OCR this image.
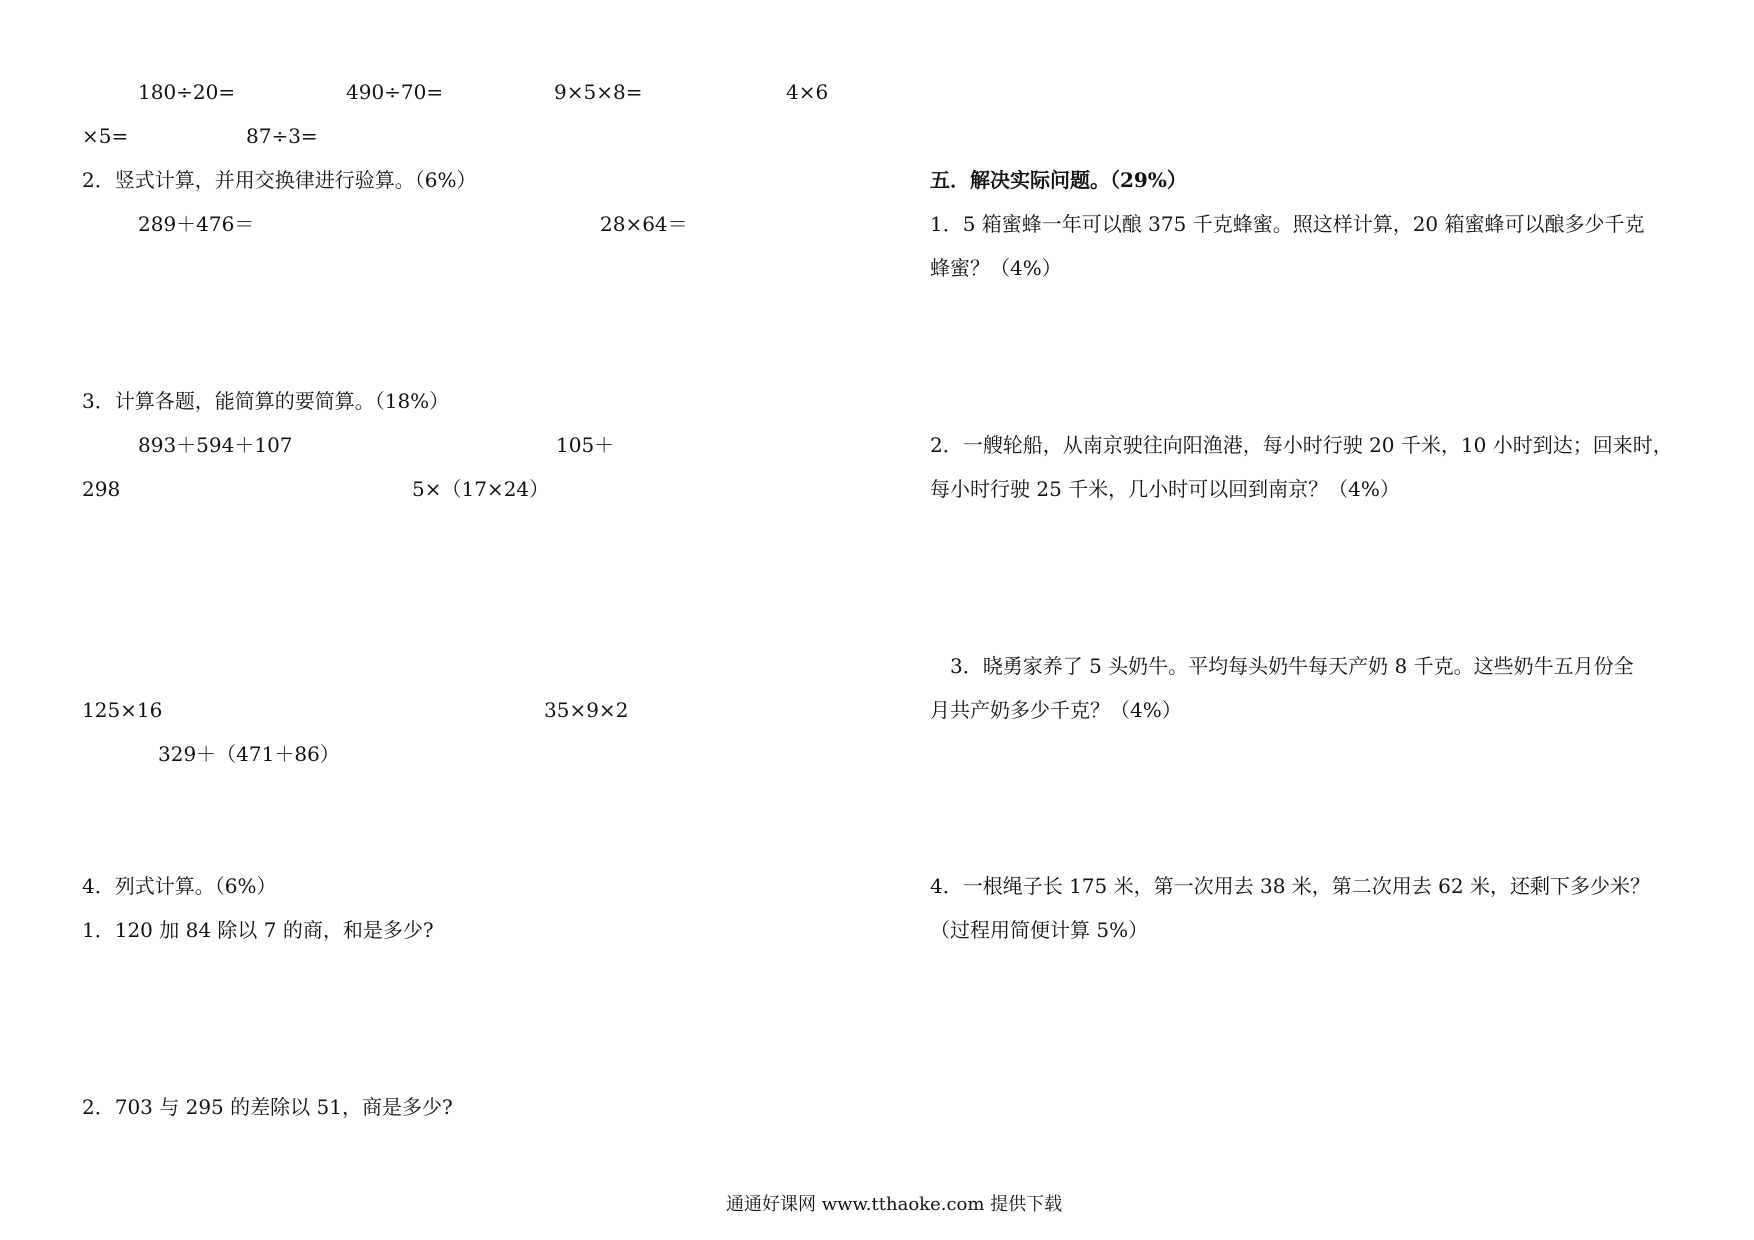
180÷20=	490÷70=	9×5×8=	4×6
×5=	87÷3=
2．竖式计算，并用交换律进行验算。（6%）
289＋476＝	28×64＝
3．计算各题，能简算的要简算。（18%）
893＋594＋107	105＋
298	5×（17×24）
125×16	35×9×2
329＋（471＋86）
4．列式计算。（6%）
1．120 加 84 除以 7 的商，和是多少?
2．703 与 295 的差除以 51，商是多少?
五．解决实际问题。（29%）
1．5 箱蜜蜂一年可以酿 375 千克蜂蜜。照这样计算，20 箱蜜蜂可以酿多少千克
蜂蜜？（4%）
2．一艘轮船，从南京驶往向阳渔港，每小时行驶 20 千米，10 小时到达；回来时，
每小时行驶 25 千米，几小时可以回到南京？（4%）
3．晓勇家养了 5 头奶牛。平均每头奶牛每天产奶 8 千克。这些奶牛五月份全
月共产奶多少千克？（4%）
4．一根绳子长 175 米，第一次用去 38 米，第二次用去 62 米，还剩下多少米？
（过程用简便计算 5%）
通通好课网 www.tthaoke.com 提供下载
